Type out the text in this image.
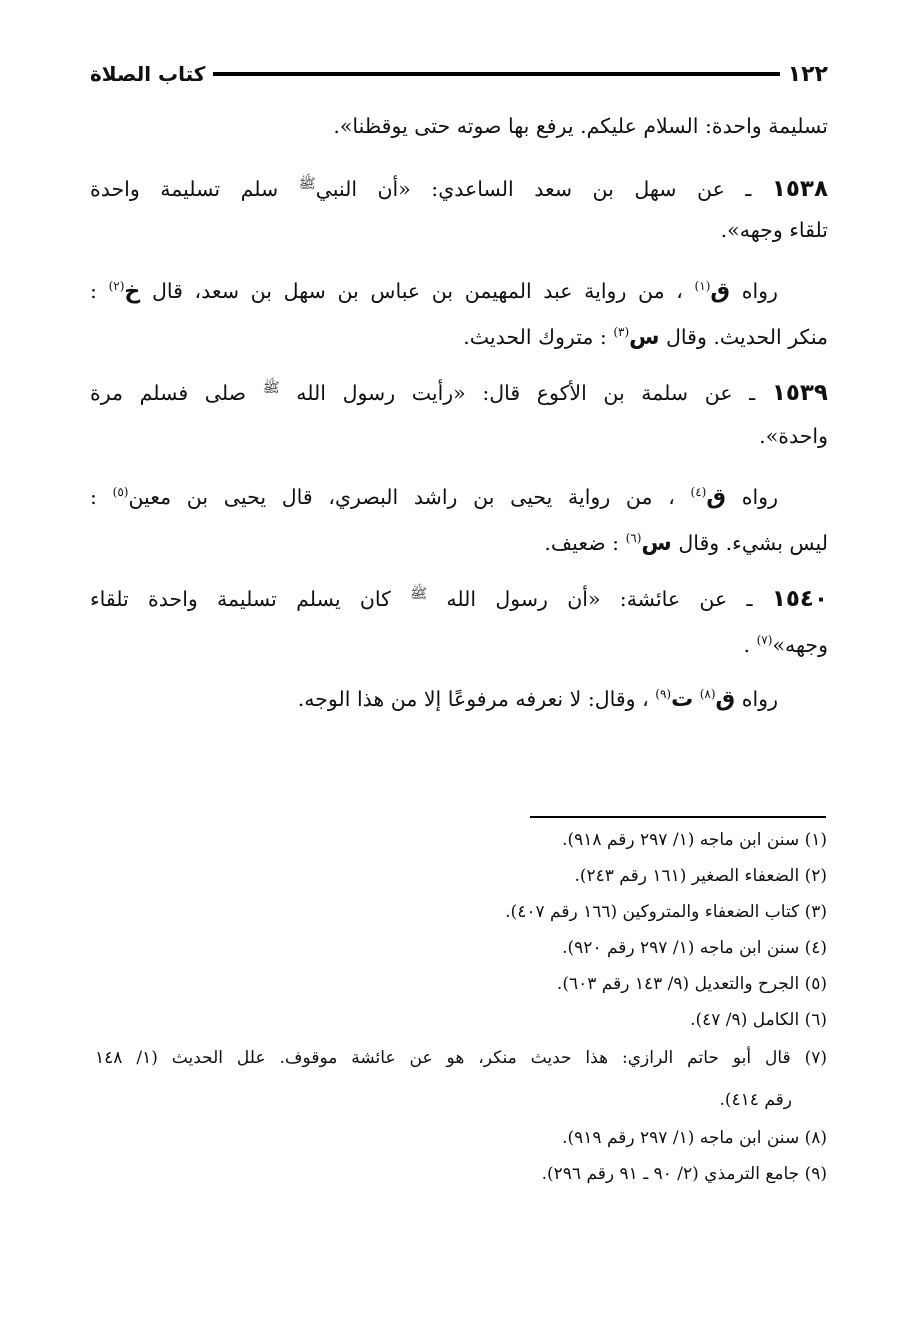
١٢٢
كتاب الصلاة
تسليمة واحدة: السلام عليكم. يرفع بها صوته حتى يوقظنا».
١٥٣٨ ـ عن سهل بن سعد الساعدي: «أن النبي$^ﷺ$ سلم تسليمة واحدة
تلقاء وجهه».
رواه ق$^{(١)}$ ، من رواية عبد المهيمن بن عباس بن سهل بن سعد، قال خ$^{(٢)}$ :
منكر الحديث. وقال س$^{(٣)}$ : متروك الحديث.
١٥٣٩ ـ عن سلمة بن الأكوع قال: «رأيت رسول الله $^ﷺ$ صلى فسلم مرة
واحدة».
رواه ق$^{(٤)}$ ، من رواية يحيى بن راشد البصري، قال يحيى بن معين$^{(٥)}$ :
ليس بشيء. وقال س$^{(٦)}$ : ضعيف.
١٥٤٠ ـ عن عائشة: «أن رسول الله $^ﷺ$ كان يسلم تسليمة واحدة تلقاء
وجهه»$^{(٧)}$ .
رواه ق$^{(٨)}$ ت$^{(٩)}$ ، وقال: لا نعرفه مرفوعًا إلا من هذا الوجه.
(١) سنن ابن ماجه (١/ ٢٩٧ رقم ٩١٨).
(٢) الضعفاء الصغير (١٦١ رقم ٢٤٣).
(٣) كتاب الضعفاء والمتروكين (١٦٦ رقم ٤٠٧).
(٤) سنن ابن ماجه (١/ ٢٩٧ رقم ٩٢٠).
(٥) الجرح والتعديل (٩/ ١٤٣ رقم ٦٠٣).
(٦) الكامل (٩/ ٤٧).
(٧) قال أبو حاتم الرازي: هذا حديث منكر، هو عن عائشة موقوف. علل الحديث (١/ ١٤٨
رقم ٤١٤).
(٨) سنن ابن ماجه (١/ ٢٩٧ رقم ٩١٩).
(٩) جامع الترمذي (٢/ ٩٠ ـ ٩١ رقم ٢٩٦).
